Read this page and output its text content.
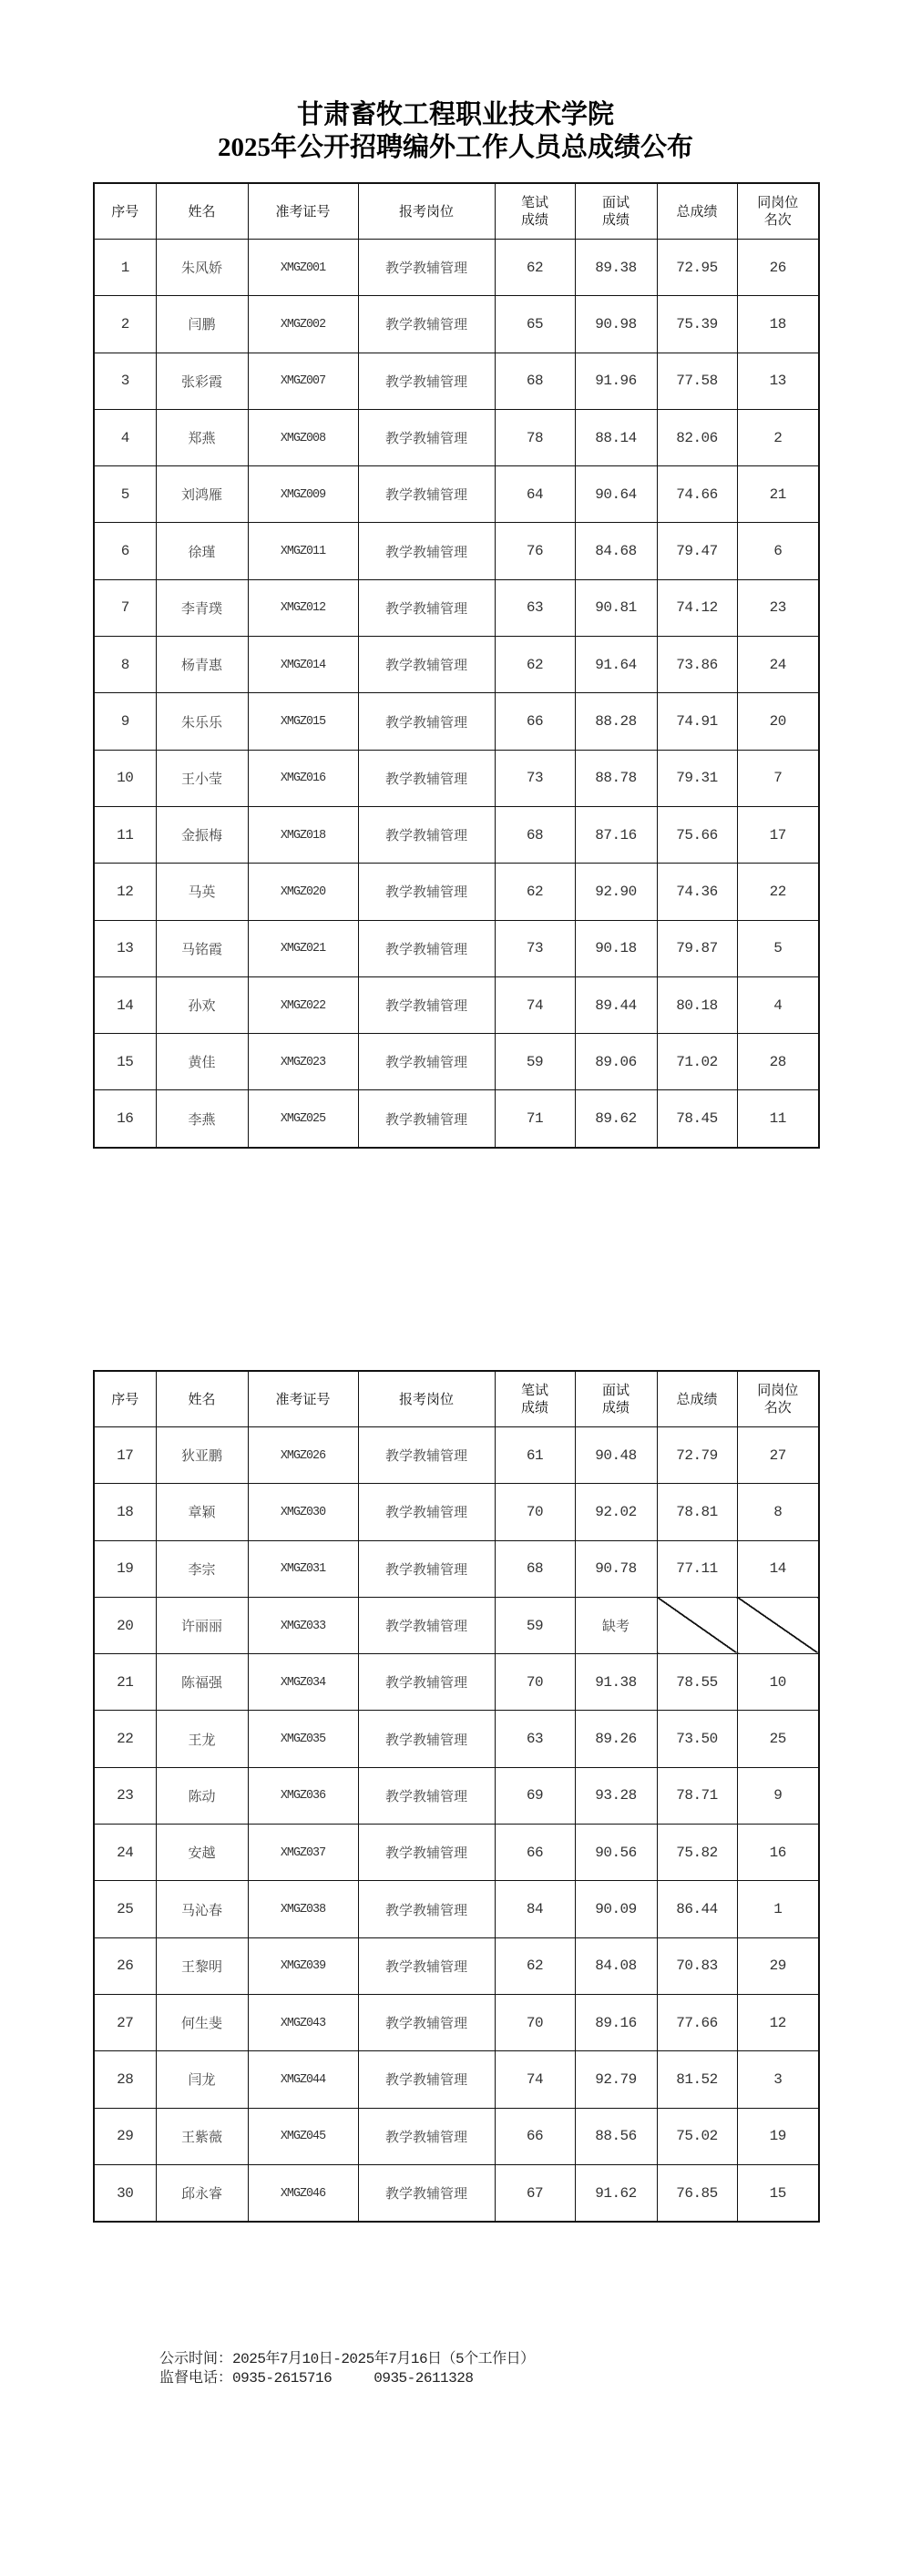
甘肃畜牧工程职业技术学院
2025年公开招聘编外工作人员总成绩公布
序号	姓名	准考证号	报考岗位	笔试
成绩	面试
成绩	总成绩	同岗位
名次
1	朱风娇	XMGZ001	教学教辅管理	62	89.38	72.95	26
2	闫鹏	XMGZ002	教学教辅管理	65	90.98	75.39	18
3	张彩霞	XMGZ007	教学教辅管理	68	91.96	77.58	13
4	郑燕	XMGZ008	教学教辅管理	78	88.14	82.06	2
5	刘鸿雁	XMGZ009	教学教辅管理	64	90.64	74.66	21
6	徐瑾	XMGZ011	教学教辅管理	76	84.68	79.47	6
7	李青璞	XMGZ012	教学教辅管理	63	90.81	74.12	23
8	杨青惠	XMGZ014	教学教辅管理	62	91.64	73.86	24
9	朱乐乐	XMGZ015	教学教辅管理	66	88.28	74.91	20
10	王小莹	XMGZ016	教学教辅管理	73	88.78	79.31	7
11	金振梅	XMGZ018	教学教辅管理	68	87.16	75.66	17
12	马英	XMGZ020	教学教辅管理	62	92.90	74.36	22
13	马铭霞	XMGZ021	教学教辅管理	73	90.18	79.87	5
14	孙欢	XMGZ022	教学教辅管理	74	89.44	80.18	4
15	黄佳	XMGZ023	教学教辅管理	59	89.06	71.02	28
16	李燕	XMGZ025	教学教辅管理	71	89.62	78.45	11
序号	姓名	准考证号	报考岗位	笔试
成绩	面试
成绩	总成绩	同岗位
名次
17	狄亚鹏	XMGZ026	教学教辅管理	61	90.48	72.79	27
18	章颖	XMGZ030	教学教辅管理	70	92.02	78.81	8
19	李宗	XMGZ031	教学教辅管理	68	90.78	77.11	14
20	许丽丽	XMGZ033	教学教辅管理	59	缺考		
21	陈福强	XMGZ034	教学教辅管理	70	91.38	78.55	10
22	王龙	XMGZ035	教学教辅管理	63	89.26	73.50	25
23	陈动	XMGZ036	教学教辅管理	69	93.28	78.71	9
24	安越	XMGZ037	教学教辅管理	66	90.56	75.82	16
25	马沁春	XMGZ038	教学教辅管理	84	90.09	86.44	1
26	王黎明	XMGZ039	教学教辅管理	62	84.08	70.83	29
27	何生斐	XMGZ043	教学教辅管理	70	89.16	77.66	12
28	闫龙	XMGZ044	教学教辅管理	74	92.79	81.52	3
29	王紫薇	XMGZ045	教学教辅管理	66	88.56	75.02	19
30	邱永睿	XMGZ046	教学教辅管理	67	91.62	76.85	15
公示时间：2025年7月10日-2025年7月16日（5个工作日）
监督电话：0935-2615716	0935-2611328
